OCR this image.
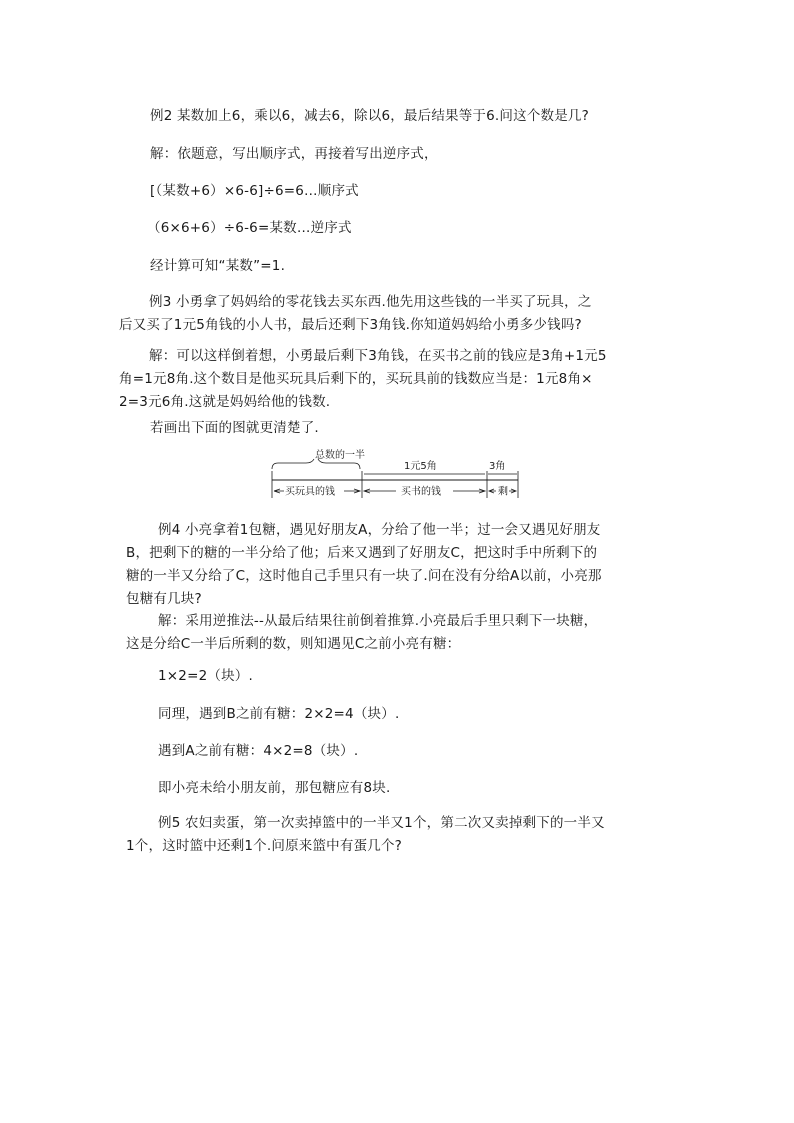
例2 某数加上6，乘以6，减去6，除以6，最后结果等于6.问这个数是几?

解：依题意，写出顺序式，再接着写出逆序式，

[（某数+6）×6-6]÷6=6…顺序式

（6×6+6）÷6-6=某数…逆序式

经计算可知“某数”=1.

例3 小勇拿了妈妈给的零花钱去买东西.他先用这些钱的一半买了玩具，之
后又买了1元5角钱的小人书，最后还剩下3角钱.你知道妈妈给小勇多少钱吗?
解：可以这样倒着想，小勇最后剩下3角钱，在买书之前的钱应是3角+1元5
角=1元8角.这个数目是他买玩具后剩下的，买玩具前的钱数应当是：1元8角×
2=3元6角.这就是妈妈给他的钱数.

若画出下面的图就更清楚了.

总数的一半
1元5角	3角
买玩具的钱	买书的钱	剩
例4 小亮拿着1包糖，遇见好朋友A，分给了他一半；过一会又遇见好朋友
B，把剩下的糖的一半分给了他；后来又遇到了好朋友C，把这时手中所剩下的
糖的一半又分给了C，这时他自己手里只有一块了.问在没有分给A以前，小亮那
包糖有几块?
解：采用逆推法--从最后结果往前倒着推算.小亮最后手里只剩下一块糖，
这是分给C一半后所剩的数，则知遇见C之前小亮有糖：

1×2=2（块）.

同理，遇到B之前有糖：2×2=4（块）.

遇到A之前有糖：4×2=8（块）.

即小亮未给小朋友前，那包糖应有8块.

例5 农妇卖蛋，第一次卖掉篮中的一半又1个，第二次又卖掉剩下的一半又
1个，这时篮中还剩1个.问原来篮中有蛋几个?
